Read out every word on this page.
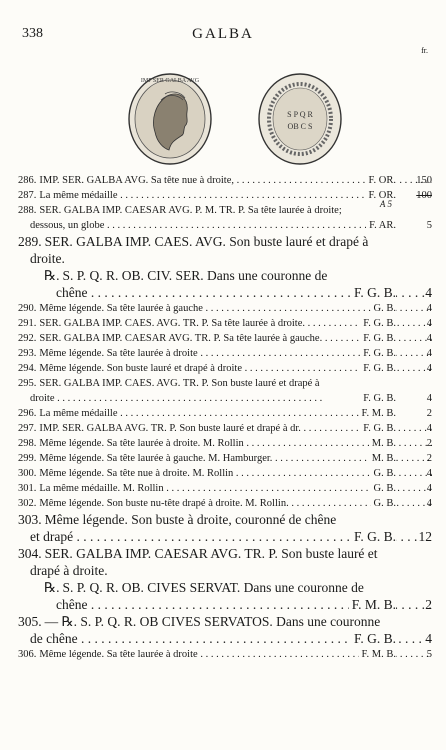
338	GALBA
fr.
IMP SER GALBA AVG
S P Q R
OB C S
286. IMP. SER. GALBA AVG. Sa tête nue à droite, . . .	F. OR.	150
287. La même médaille . . .	F. OR.	100
A 5
288. SER. GALBA IMP. CAESAR AVG. P. M. TR. P. Sa tête laurée à droite;
dessous, un globe . . .	F. AR.	5
289. SER. GALBA IMP. CAES. AVG. Son buste lauré et drapé à
droite.
℞. S. P. Q. R. OB. CIV. SER. Dans une couronne de
chêne . . .	F. G. B.	4
290. Même légende. Sa tête laurée à gauche . . .	G. B.	4
291. SER. GALBA IMP. CAES. AVG. TR. P. Sa tête laurée à droite. . . .	F. G. B.	4
292. SER. GALBA IMP. CAESAR AVG. TR. P. Sa tête laurée à gauche. . . .	F. G. B.	4
293. Même légende. Sa tête laurée à droite . . .	F. G. B.	4
294. Même légende. Son buste lauré et drapé à droite . . .	F. G. B.	4
295. SER. GALBA IMP. CAES. AVG. TR. P. Son buste lauré et drapé à
droite . . .	F. G. B.	4
296. La même médaille . . .	F. M. B.	2
297. IMP. SER. GALBA AVG. TR. P. Son buste lauré et drapé à dr. . . .	F. G. B.	4
298. Même légende. Sa tête laurée à droite. M. Rollin . . .	M. B.	2
299. Même légende. Sa tête laurée à gauche. M. Hamburger. . . .	M. B.	2
300. Même légende. Sa tête nue à droite. M. Rollin . . .	G. B.	4
301. La même médaille. M. Rollin . . .	G. B.	4
302. Même légende. Son buste nu-tête drapé à droite. M. Rollin. . . .	G. B.	4
303. Même légende. Son buste à droite, couronné de chêne
et drapé . . .	F. G. B.	12
304. SER. GALBA IMP. CAESAR AVG. TR. P. Son buste lauré et
drapé à droite.
℞. S. P. Q. R. OB. CIVES SERVAT. Dans une couronne de
chêne . . .	F. M. B.	2
305. — ℞. S. P. Q. R. OB CIVES SERVATOS. Dans une couronne
de chêne . . .	F. G. B.	4
306. Même légende. Sa tête laurée à droite . . .	F. M. B.	5
